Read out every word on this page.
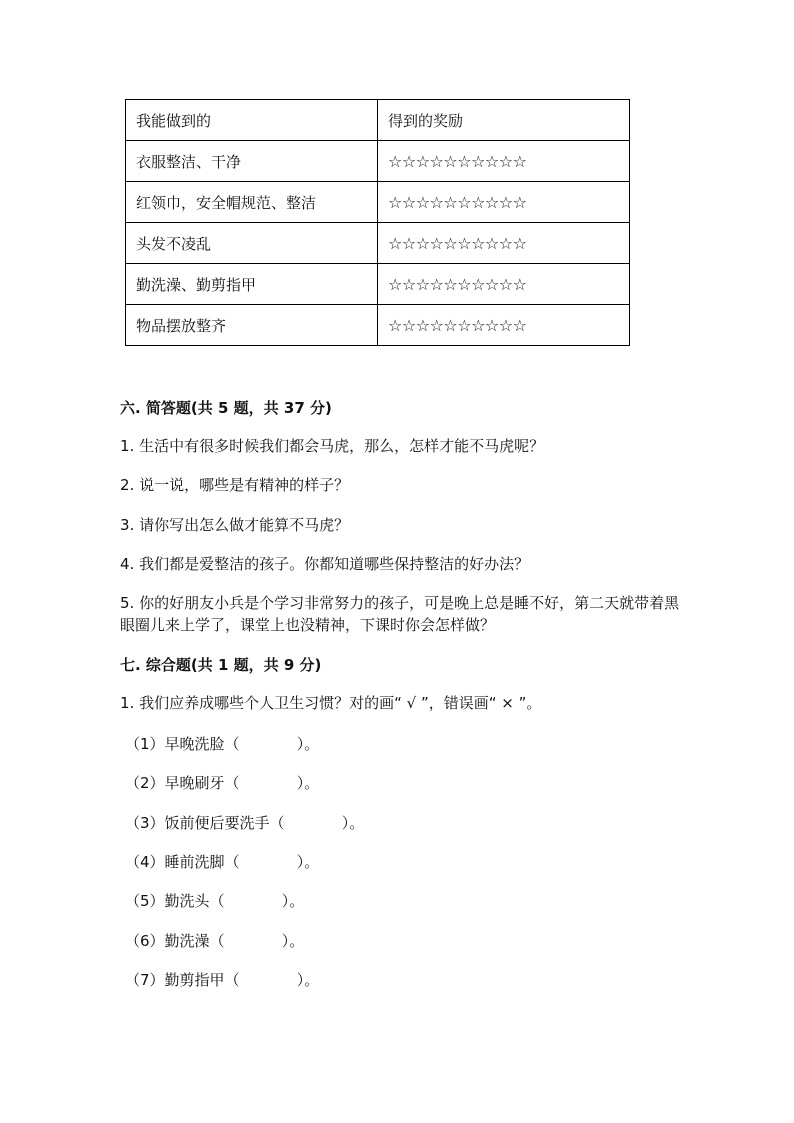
我能做到的	得到的奖励
衣服整洁、干净	☆☆☆☆☆☆☆☆☆☆
红领巾，安全帽规范、整洁	☆☆☆☆☆☆☆☆☆☆
头发不凌乱	☆☆☆☆☆☆☆☆☆☆
勤洗澡、勤剪指甲	☆☆☆☆☆☆☆☆☆☆
物品摆放整齐	☆☆☆☆☆☆☆☆☆☆
六. 简答题(共 5 题，共 37 分)
1. 生活中有很多时候我们都会马虎，那么，怎样才能不马虎呢？
2. 说一说，哪些是有精神的样子？
3. 请你写出怎么做才能算不马虎？
4. 我们都是爱整洁的孩子。你都知道哪些保持整洁的好办法？
5. 你的好朋友小兵是个学习非常努力的孩子，可是晚上总是睡不好，第二天就带着黑眼圈儿来上学了，课堂上也没精神，下课时你会怎样做？
七. 综合题(共 1 题，共 9 分)
1. 我们应养成哪些个人卫生习惯？对的画“ √ ”，错误画“ × ”。
（1）早晚洗脸（            ）。
（2）早晚刷牙（            ）。
（3）饭前便后要洗手（            ）。
（4）睡前洗脚（            ）。
（5）勤洗头（            ）。
（6）勤洗澡（            ）。
（7）勤剪指甲（            ）。
